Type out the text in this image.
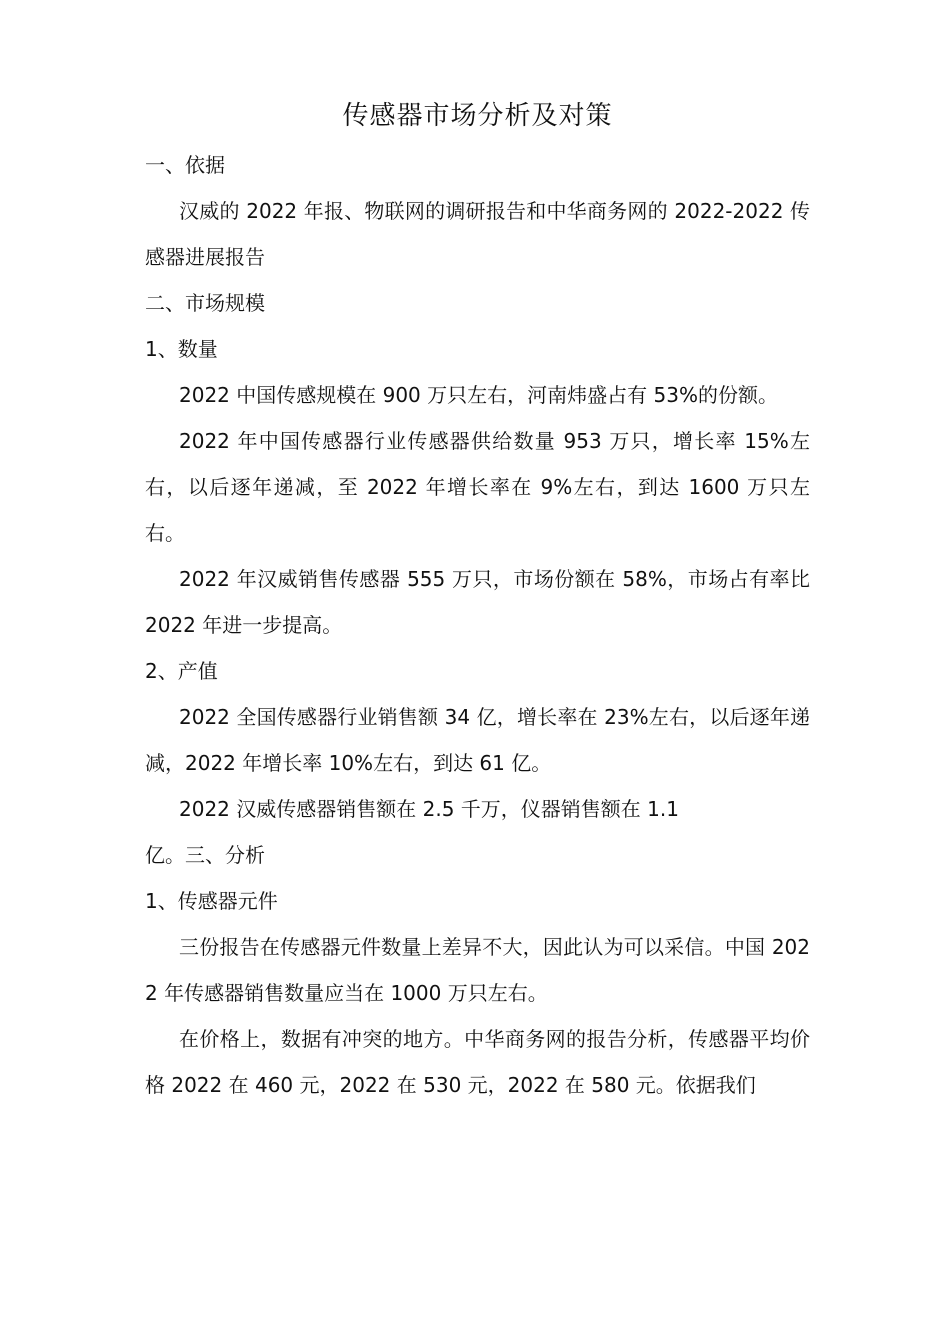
传感器市场分析及对策

一、依据

汉威的 2022 年报、物联网的调研报告和中华商务网的 2022-2022 传感器进展报告

二、市场规模

1、数量

2022 中国传感规模在 900 万只左右，河南炜盛占有 53%的份额。

2022 年中国传感器行业传感器供给数量 953 万只，增长率 15%左右，以后逐年递减，至 2022 年增长率在 9%左右，到达 1600 万只左右。

2022 年汉威销售传感器 555 万只，市场份额在 58%，市场占有率比 2022 年进一步提高。

2、产值

2022 全国传感器行业销售额 34 亿，增长率在 23%左右，以后逐年递减，2022 年增长率 10%左右，到达 61 亿。

2022 汉威传感器销售额在 2.5 千万，仪器销售额在 1.1

亿。三、分析

1、传感器元件

三份报告在传感器元件数量上差异不大，因此认为可以采信。中国 2022 年传感器销售数量应当在 1000 万只左右。

在价格上，数据有冲突的地方。中华商务网的报告分析，传感器平均价格 2022 在 460 元，2022 在 530 元，2022 在 580 元。依据我们
